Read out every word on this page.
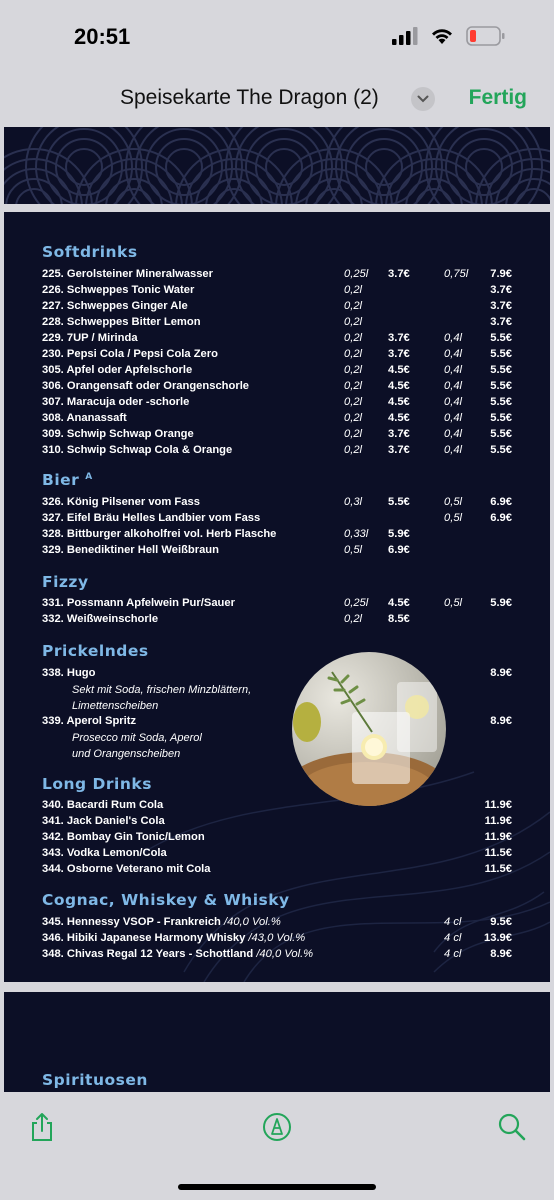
20:51
Speisekarte The Dragon (2)	Fertig
Softdrinks
225. Gerolsteiner Mineralwasser	0,25l 3.7€	0,75l 7.9€
226. Schweppes Tonic Water	0,2l	3.7€
227. Schweppes Ginger Ale	0,2l	3.7€
228. Schweppes Bitter Lemon	0,2l	3.7€
229. 7UP / Mirinda	0,2l 3.7€	0,4l	5.5€
230. Pepsi Cola / Pepsi Cola Zero	0,2l 3.7€	0,4l	5.5€
305. Apfel oder Apfelschorle	0,2l 4.5€	0,4l	5.5€
306. Orangensaft oder Orangenschorle	0,2l 4.5€	0,4l	5.5€
307. Maracuja oder -schorle	0,2l 4.5€	0,4l	5.5€
308. Ananassaft	0,2l 4.5€	0,4l	5.5€
309. Schwip Schwap Orange	0,2l 3.7€	0,4l	5.5€
310. Schwip Schwap Cola & Orange	0,2l 3.7€	0,4l	5.5€
Bier $^A$
326. König Pilsener vom Fass	0,3l 5.5€	0,5l	6.9€
327. Eifel Bräu Helles Landbier vom Fass	0,5l	6.9€
328. Bittburger alkoholfrei vol. Herb Flasche	0,33l 5.9€
329. Benediktiner Hell Weißbraun	0,5l 6.9€
Fizzy
331. Possmann Apfelwein Pur/Sauer	0,25l 4.5€	0,5l	5.9€
332. Weißweinschorle	0,2l 8.5€
Prickelndes
338. Hugo	8.9€
Sekt mit Soda, frischen Minzblättern,
Limettenscheiben
339. Aperol Spritz	8.9€
Prosecco mit Soda, Aperol
und Orangenscheiben
Long Drinks
340. Bacardi Rum Cola	11.9€
341. Jack Daniel's Cola	11.9€
342. Bombay Gin Tonic/Lemon	11.9€
343. Vodka Lemon/Cola	11.5€
344. Osborne Veterano mit Cola	11.5€
Cognac, Whiskey & Whisky
345. Hennessy VSOP - Frankreich /40,0 Vol.%	4 cl	9.5€
346. Hibiki Japanese Harmony Whisky /43,0 Vol.%	4 cl 13.9€
348. Chivas Regal 12 Years - Schottland /40,0 Vol.%	4 cl	8.9€
Spirituosen
